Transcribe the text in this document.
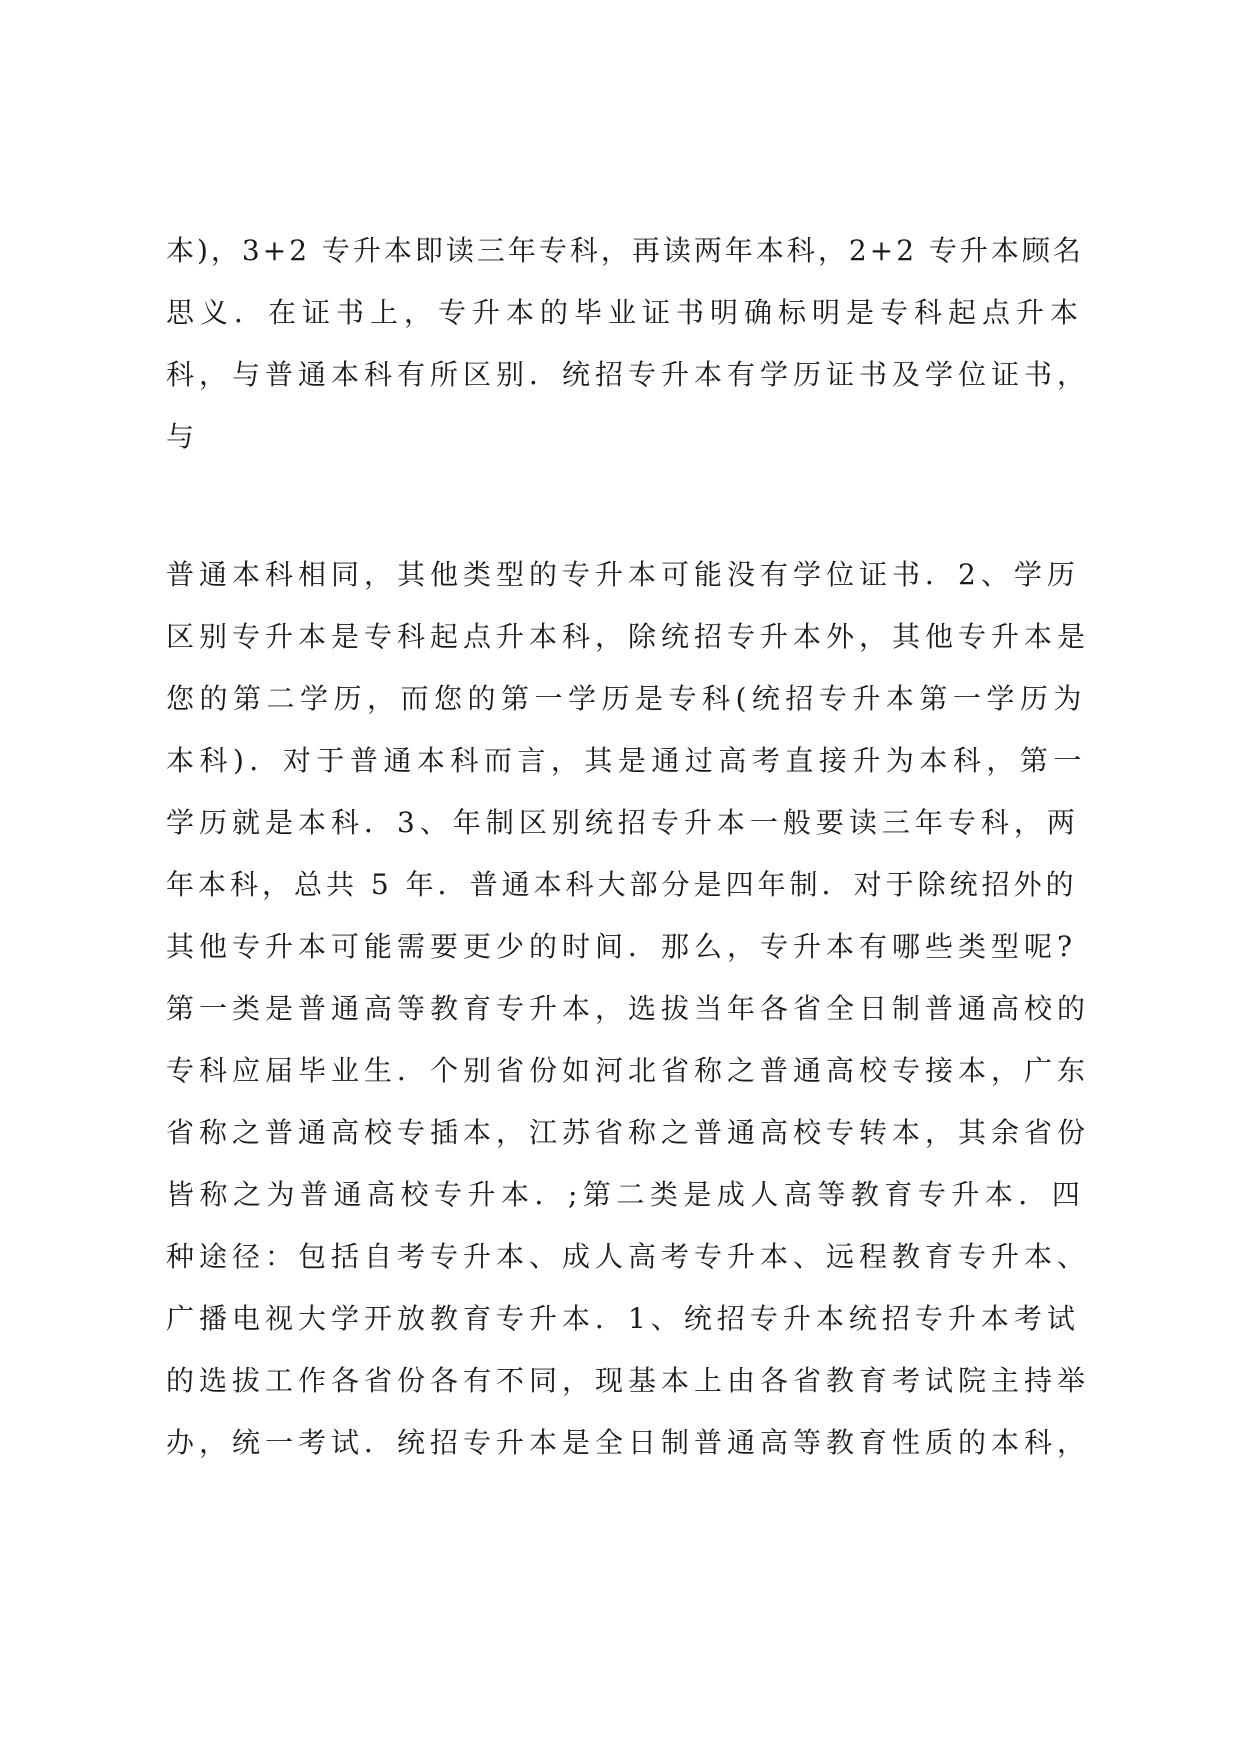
本)，3+2 专升本即读三年专科，再读两年本科，2+2 专升本顾名

思义．在证书上，专升本的毕业证书明确标明是专科起点升本

科，与普通本科有所区别．统招专升本有学历证书及学位证书，

与

普通本科相同，其他类型的专升本可能没有学位证书．2、学历

区别专升本是专科起点升本科，除统招专升本外，其他专升本是

您的第二学历，而您的第一学历是专科(统招专升本第一学历为

本科)．对于普通本科而言，其是通过高考直接升为本科，第一

学历就是本科．3、年制区别统招专升本一般要读三年专科，两

年本科，总共 5 年．普通本科大部分是四年制．对于除统招外的

其他专升本可能需要更少的时间．那么，专升本有哪些类型呢?

第一类是普通高等教育专升本，选拔当年各省全日制普通高校的

专科应届毕业生．个别省份如河北省称之普通高校专接本，广东

省称之普通高校专插本，江苏省称之普通高校专转本，其余省份

皆称之为普通高校专升本．;第二类是成人高等教育专升本．四

种途径：包括自考专升本、成人高考专升本、远程教育专升本、

广播电视大学开放教育专升本．1、统招专升本统招专升本考试

的选拔工作各省份各有不同，现基本上由各省教育考试院主持举

办，统一考试．统招专升本是全日制普通高等教育性质的本科，
